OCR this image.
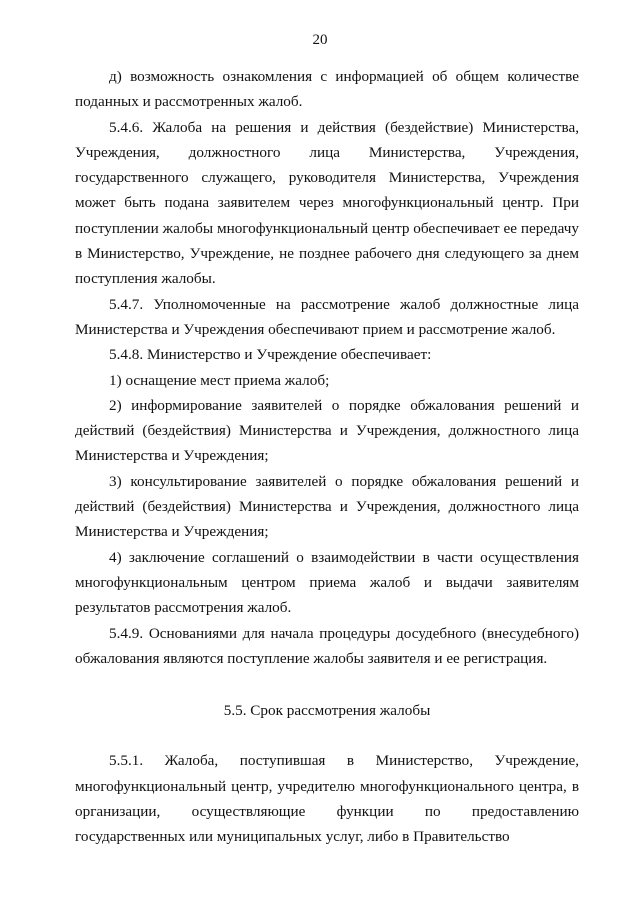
20

д) возможность ознакомления с информацией об общем количестве поданных и рассмотренных жалоб.

5.4.6. Жалоба на решения и действия (бездействие) Министерства, Учреждения, должностного лица Министерства, Учреждения, государственного служащего, руководителя Министерства, Учреждения может быть подана заявителем через многофункциональный центр. При поступлении жалобы многофункциональный центр обеспечивает ее передачу в Министерство, Учреждение, не позднее рабочего дня следующего за днем поступления жалобы.

5.4.7. Уполномоченные на рассмотрение жалоб должностные лица Министерства и Учреждения обеспечивают прием и рассмотрение жалоб.

5.4.8. Министерство и Учреждение обеспечивает:

1) оснащение мест приема жалоб;

2) информирование заявителей о порядке обжалования решений и действий (бездействия) Министерства и Учреждения, должностного лица Министерства и Учреждения;

3) консультирование заявителей о порядке обжалования решений и действий (бездействия) Министерства и Учреждения, должностного лица Министерства и Учреждения;

4) заключение соглашений о взаимодействии в части осуществления многофункциональным центром приема жалоб и выдачи заявителям результатов рассмотрения жалоб.

5.4.9. Основаниями для начала процедуры досудебного (внесудебного) обжалования являются поступление жалобы заявителя и ее регистрация.

5.5. Срок рассмотрения жалобы

5.5.1. Жалоба, поступившая в Министерство, Учреждение, многофункциональный центр, учредителю многофункционального центра, в организации, осуществляющие функции по предоставлению государственных или муниципальных услуг, либо в Правительство
